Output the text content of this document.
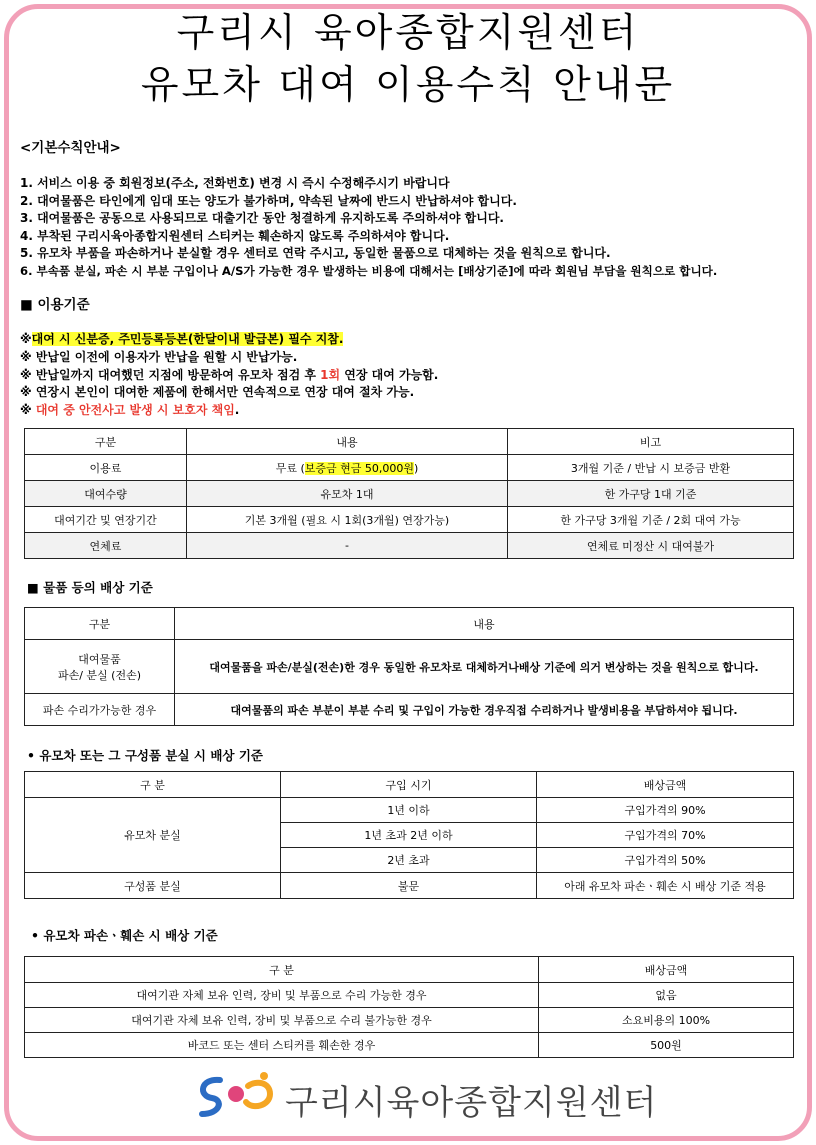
구리시 육아종합지원센터
유모차 대여 이용수칙 안내문
<기본수칙안내>
1. 서비스 이용 중 회원정보(주소, 전화번호) 변경 시 즉시 수정해주시기 바랍니다
2. 대여물품은 타인에게 임대 또는 양도가 불가하며, 약속된 날짜에 반드시 반납하셔야 합니다.
3. 대여물품은 공동으로 사용되므로 대출기간 동안 청결하게 유지하도록 주의하셔야 합니다.
4. 부착된 구리시육아종합지원센터 스티커는 훼손하지 않도록 주의하셔야 합니다.
5. 유모차 부품을 파손하거나 분실할 경우 센터로 연락 주시고, 동일한 물품으로 대체하는 것을 원칙으로 합니다.
6. 부속품 분실, 파손 시 부분 구입이나 A/S가 가능한 경우 발생하는 비용에 대해서는 [배상기준]에 따라 회원님 부담을 원칙으로 합니다.
■ 이용기준
※대여 시 신분증, 주민등록등본(한달이내 발급본) 필수 지참.
※ 반납일 이전에 이용자가 반납을 원할 시 반납가능.
※ 반납일까지 대여했던 지점에 방문하여 유모차 점검 후 1회 연장 대여 가능함.
※ 연장시 본인이 대여한 제품에 한해서만 연속적으로 연장 대여 절차 가능.
※ 대여 중 안전사고 발생 시 보호자 책임.
구분	내용	비고
이용료	무료 (보증금 현금 50,000원)	3개월 기준 / 반납 시 보증금 반환
대여수량	유모차 1대	한 가구당 1대 기준
대여기간 및 연장기간	기본 3개월 (필요 시 1회(3개월) 연장가능)	한 가구당 3개월 기준 / 2회 대여 가능
연체료	-	연체료 미정산 시 대여불가
■ 물품 등의 배상 기준
구분	내용

대여물품
파손/ 분실 (전손)	대여물품을 파손/분실(전손)한 경우 동일한 유모차로 대체하거나배상 기준에 의거 변상하는 것을 원칙으로 합니다.
파손 수리가가능한 경우	대여물품의 파손 부분이 부분 수리 및 구입이 가능한 경우직접 수리하거나 발생비용을 부담하셔야 됩니다.
• 유모차 또는 그 구성품 분실 시 배상 기준
구 분	구입 시기	배상금액
유모차 분실	1년 이하	구입가격의 90%
	1년 초과 2년 이하	구입가격의 70%
	2년 초과	구입가격의 50%
구성품 분실	불문	아래 유모차 파손ㆍ훼손 시 배상 기준 적용
• 유모차 파손ㆍ훼손 시 배상 기준
구 분	배상금액
대여기관 자체 보유 인력, 장비 및 부품으로 수리 가능한 경우	없음
대여기관 자체 보유 인력, 장비 및 부품으로 수리 불가능한 경우	소요비용의 100%
바코드 또는 센터 스티커를 훼손한 경우	500원
구리시육아종합지원센터
